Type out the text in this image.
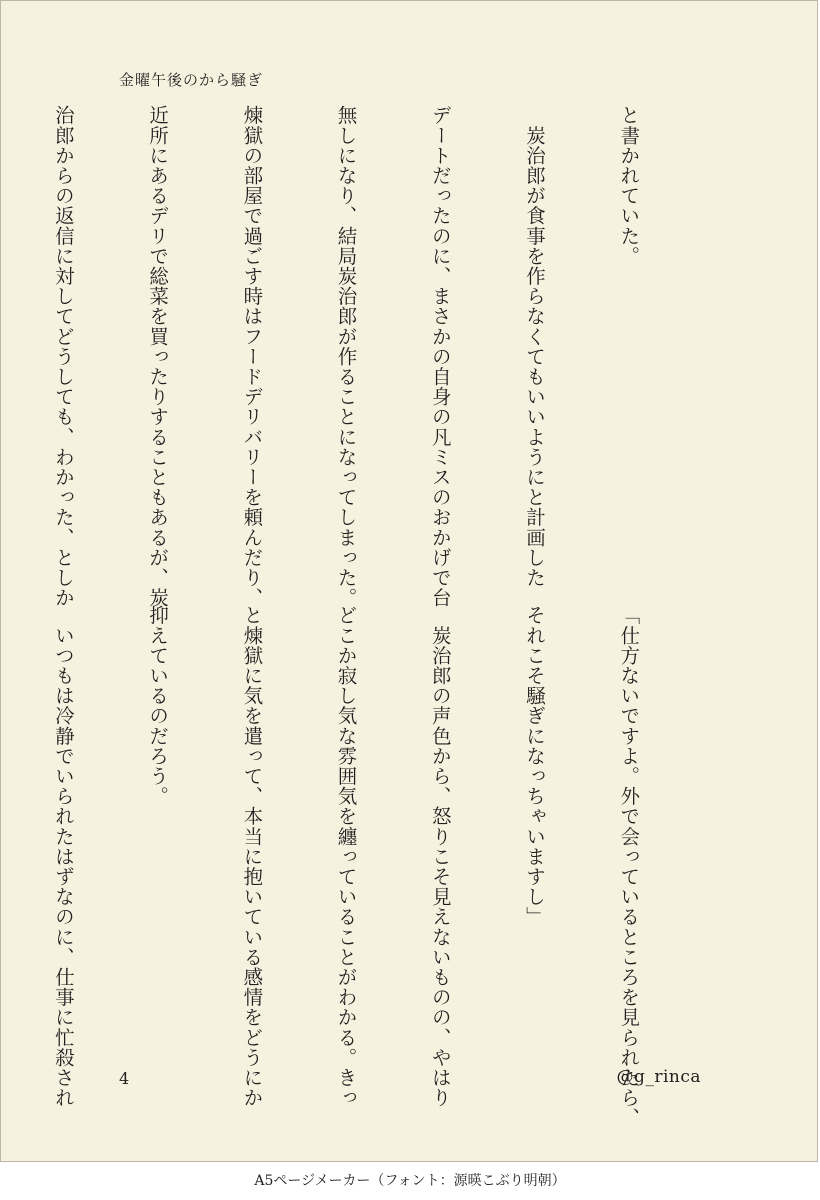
金曜午後のから騒ぎ

と書かれていた。

　炭治郎が食事を作らなくてもいいようにと計画した

デートだったのに、まさかの自身の凡ミスのおかげで台

無しになり、結局炭治郎が作ることになってしまった。

煉獄の部屋で過ごす時はフードデリバリーを頼んだり、

近所にあるデリで総菜を買ったりすることもあるが、炭

治郎からの返信に対してどうしても、わかった、としか

「仕方ないですよ。外で会っているところを見られたら、

それこそ騒ぎになっちゃいますし」

　炭治郎の声色から、怒りこそ見えないものの、やはり

どこか寂し気な雰囲気を纏っていることがわかる。きっ

と煉獄に気を遣って、本当に抱いている感情をどうにか

抑えているのだろう。

　いつもは冷静でいられたはずなのに、仕事に忙殺され

	4	@g_rinca
A5ページメーカー（フォント：源暎こぶり明朝）
